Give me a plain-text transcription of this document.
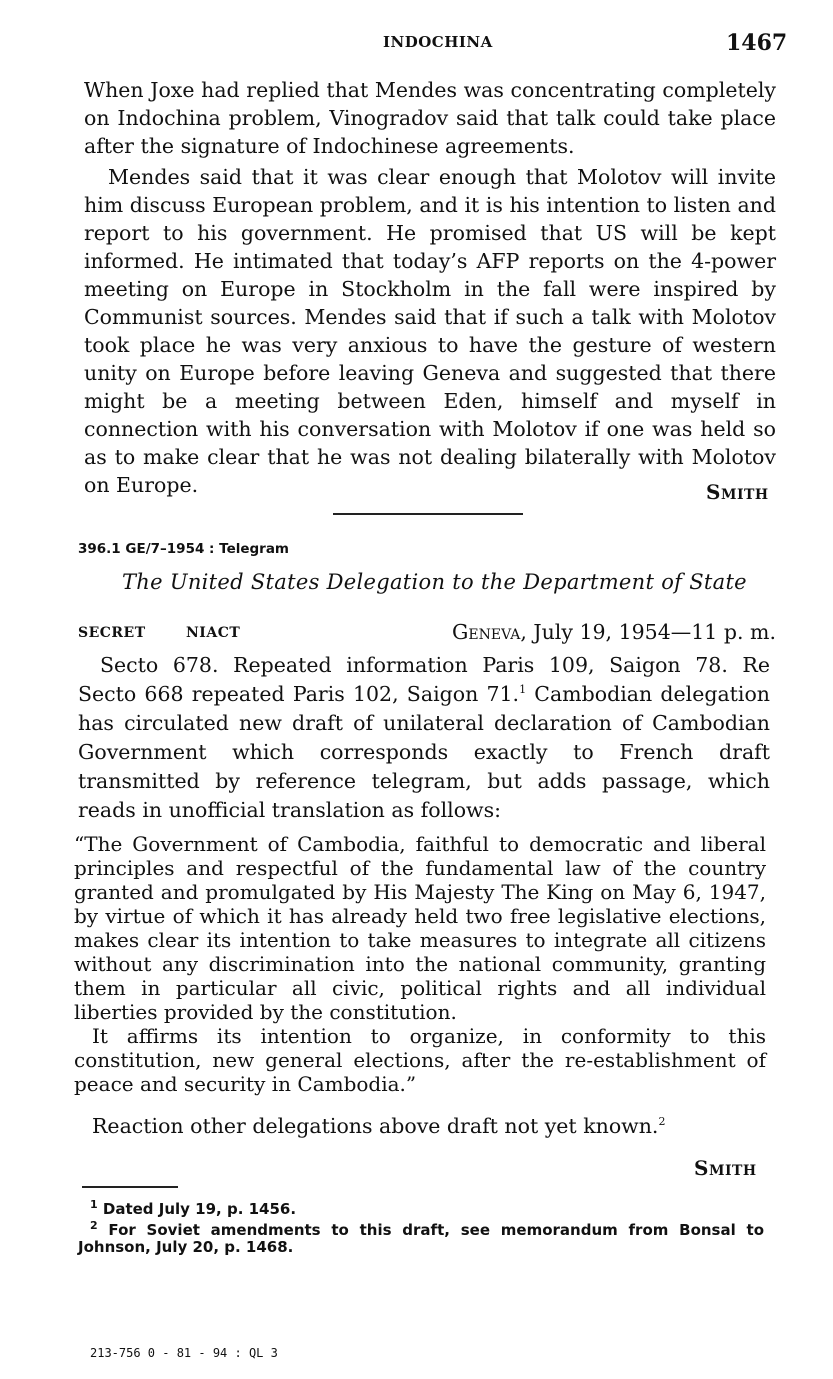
INDOCHINA	1467
When Joxe had replied that Mendes was concentrating completely on Indochina problem, Vinogradov said that talk could take place after the signature of Indochinese agreements.
Mendes said that it was clear enough that Molotov will invite him discuss European problem, and it is his intention to listen and report to his government. He promised that US will be kept informed. He intimated that today’s AFP reports on the 4-power meeting on Europe in Stockholm in the fall were inspired by Communist sources. Mendes said that if such a talk with Molotov took place he was very anxious to have the gesture of western unity on Europe before leaving Geneva and suggested that there might be a meeting between Eden, himself and myself in connection with his conversation with Molotov if one was held so as to make clear that he was not dealing bilaterally with Molotov on Europe.	Smith
396.1 GE/7–1954 : Telegram
The United States Delegation to the Department of State
SECRET	NIACT	Geneva, July 19, 1954—11 p. m.
Secto 678. Repeated information Paris 109, Saigon 78. Re Secto 668 repeated Paris 102, Saigon 71.$^1$ Cambodian delegation has circulated new draft of unilateral declaration of Cambodian Government which corresponds exactly to French draft transmitted by reference telegram, but adds passage, which reads in unofficial translation as follows:

“The Government of Cambodia, faithful to democratic and liberal principles and respectful of the fundamental law of the country granted and promulgated by His Majesty The King on May 6, 1947, by virtue of which it has already held two free legislative elections, makes clear its intention to take measures to integrate all citizens without any discrimination into the national community, granting them in particular all civic, political rights and all individual liberties provided by the constitution.

It affirms its intention to organize, in conformity to this constitution, new general elections, after the re-establishment of peace and security in Cambodia.”

Reaction other delegations above draft not yet known.$^2$
Smith
$^1$ Dated July 19, p. 1456.
$^2$ For Soviet amendments to this draft, see memorandum from Bonsal to Johnson, July 20, p. 1468.
213-756 0 - 81 - 94 : QL 3
